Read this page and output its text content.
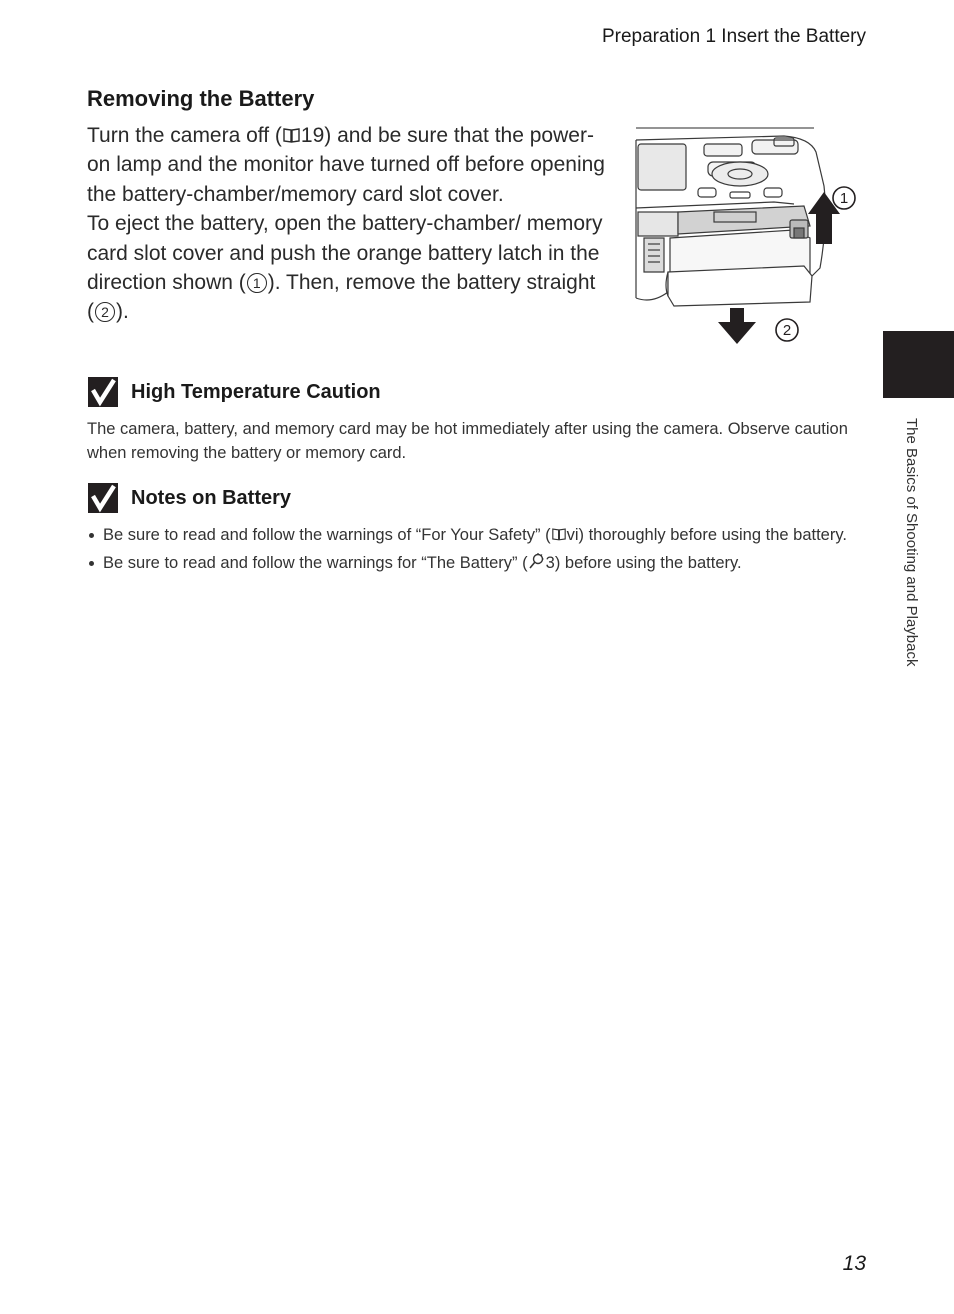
Preparation 1 Insert the Battery
Removing the Battery

Turn the camera off ( 19) and be sure that the power-on lamp and the monitor have turned off before opening the battery-chamber/memory card slot cover.

To eject the battery, open the battery-chamber/ memory card slot cover and push the orange battery latch in the direction shown ( 1 ). Then, remove the battery straight ( 2 ).

1
2
High Temperature Caution

The camera, battery, and memory card may be hot immediately after using the camera. Observe caution when removing the battery or memory card.

Notes on Battery
Be sure to read and follow the warnings of “For Your Safety” ( vi) thoroughly before using the battery.
Be sure to read and follow the warnings for “The Battery” ( 3) before using the battery.	The Basics of Shooting and Playback
13
